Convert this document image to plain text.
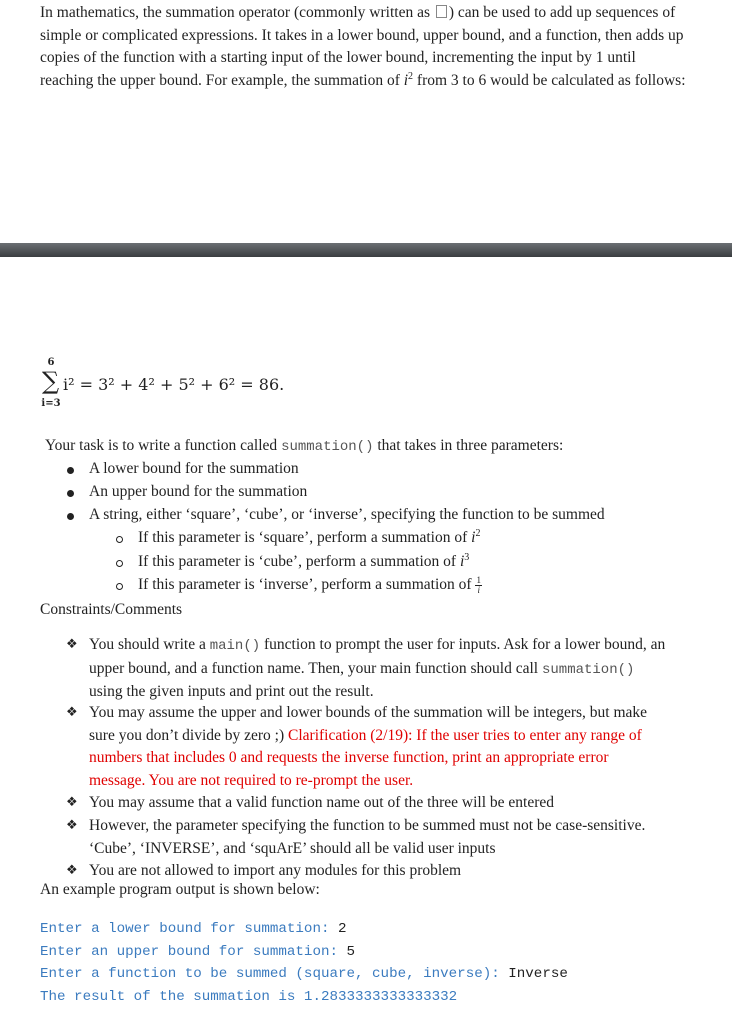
In mathematics, the summation operator (commonly written as ) can be used to add up sequences of simple or complicated expressions. It takes in a lower bound, upper bound, and a function, then adds up copies of the function with a starting input of the lower bound, incrementing the input by 1 until reaching the upper bound. For example, the summation of $i^2$ from 3 to 6 would be calculated as follows:
6
∑
i=3
i² = 3² + 4² + 5² + 6² = 86.
Your task is to write a function called summation() that takes in three parameters:
A lower bound for the summation
An upper bound for the summation
A string, either ‘square’, ‘cube’, or ‘inverse’, specifying the function to be summed
If this parameter is ‘square’, perform a summation of $i^2$
If this parameter is ‘cube’, perform a summation of $i^3$
If this parameter is ‘inverse’, perform a summation of $\frac{1}{i}$
Constraints/Comments
❖ You should write a main() function to prompt the user for inputs. Ask for a lower bound, an upper bound, and a function name. Then, your main function should call summation() using the given inputs and print out the result.
❖ You may assume the upper and lower bounds of the summation will be integers, but make sure you don’t divide by zero ;) Clarification (2/19): If the user tries to enter any range of numbers that includes 0 and requests the inverse function, print an appropriate error message. You are not required to re-prompt the user.
❖ You may assume that a valid function name out of the three will be entered
❖ However, the parameter specifying the function to be summed must not be case-sensitive. ‘Cube’, ‘INVERSE’, and ‘squArE’ should all be valid user inputs
❖ You are not allowed to import any modules for this problem
An example program output is shown below:
Enter a lower bound for summation: 2
Enter an upper bound for summation: 5
Enter a function to be summed (square, cube, inverse): Inverse
The result of the summation is 1.2833333333333332
